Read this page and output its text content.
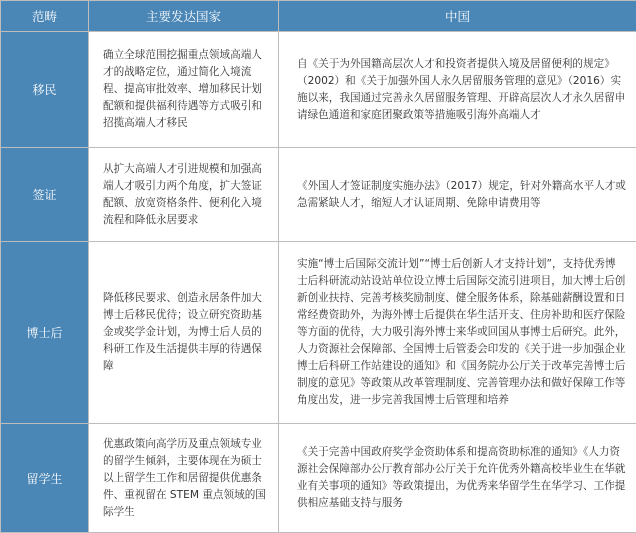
范畴	主要发达国家	中国
移民	确立全球范围挖掘重点领域高端人才的战略定位，通过简化入境流程、提高审批效率、增加移民计划配额和提供福利待遇等方式吸引和招揽高端人才移民	自《关于为外国籍高层次人才和投资者提供入境及居留便利的规定》（2002）和《关于加强外国人永久居留服务管理的意见》（2016）实施以来，我国通过完善永久居留服务管理、开辟高层次人才永久居留申请绿色通道和家庭团聚政策等措施吸引海外高端人才
签证	从扩大高端人才引进规模和加强高端人才吸引力两个角度，扩大签证配额、放宽资格条件、便利化入境流程和降低永居要求	《外国人才签证制度实施办法》（2017）规定，针对外籍高水平人才或急需紧缺人才，缩短人才认证周期、免除申请费用等
博士后	降低移民要求、创造永居条件加大博士后移民优待；设立研究资助基金或奖学金计划，为博士后人员的科研工作及生活提供丰厚的待遇保障	实施“博士后国际交流计划”“博士后创新人才支持计划”，支持优秀博士后科研流动站设站单位设立博士后国际交流引进项目，加大博士后创新创业扶持、完善考核奖励制度、健全服务体系，除基础薪酬设置和日常经费资助外，为海外博士后提供在华生活开支、住房补助和医疗保险等方面的优待，大力吸引海外博士来华或回国从事博士后研究。此外，人力资源社会保障部、全国博士后管委会印发的《关于进一步加强企业博士后科研工作站建设的通知》和《国务院办公厅关于改革完善博士后制度的意见》等政策从改革管理制度、完善管理办法和做好保障工作等角度出发，进一步完善我国博士后管理和培养
留学生	优惠政策向高学历及重点领域专业的留学生倾斜，主要体现在为硕士以上留学生工作和居留提供优惠条件、重视留在 STEM 重点领域的国际学生	《关于完善中国政府奖学金资助体系和提高资助标准的通知》《人力资源社会保障部办公厅教育部办公厅关于允许优秀外籍高校毕业生在华就业有关事项的通知》等政策提出，为优秀来华留学生在华学习、工作提供相应基础支持与服务
